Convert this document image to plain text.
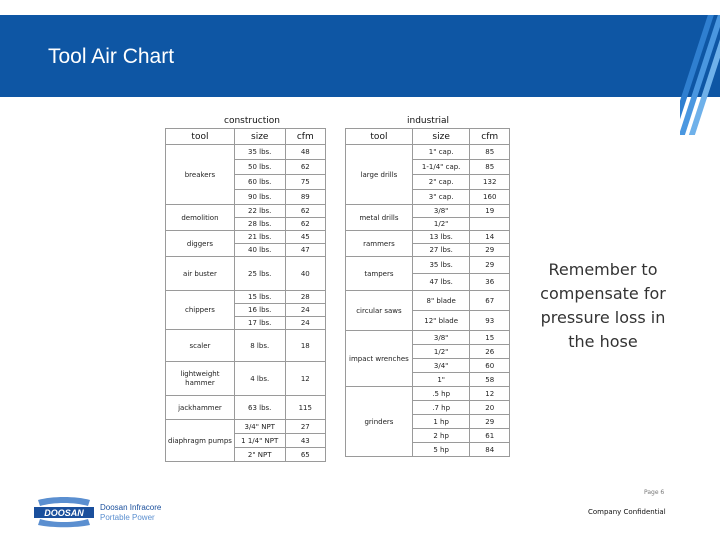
Tool Air Chart
construction
tool	size	cfm
breakers	35 lbs.	48
	50 lbs.	62
	60 lbs.	75
	90 lbs.	89
demolition	22 lbs.	62
	28 lbs.	62
diggers	21 lbs.	45
	40 lbs.	47
air buster	25 lbs.	40
chippers	15 lbs.	28
	16 lbs.	24
	17 lbs.	24
scaler	8 lbs.	18
lightweight hammer	4 lbs.	12
jackhammer	63 lbs.	115
diaphragm pumps	3/4" NPT	27
	1 1/4" NPT	43
	2" NPT	65
industrial
tool	size	cfm
large drills	1" cap.	85
	1-1/4" cap.	85
	2" cap.	132
	3" cap.	160
metal drills	3/8"	19
	1/2"	
rammers	13 lbs.	14
	27 lbs.	29
tampers	35 lbs.	29
	47 lbs.	36
circular saws	8" blade	67
	12" blade	93
impact wrenches	3/8"	15
	1/2"	26
	3/4"	60
	1"	58
grinders	.5 hp	12
	.7 hp	20
	1 hp	29
	2 hp	61
	5 hp	84
Remember to compensate for pressure loss in the hose
Page 6
Company Confidential
DOOSAN
Doosan Infracore
Portable Power
